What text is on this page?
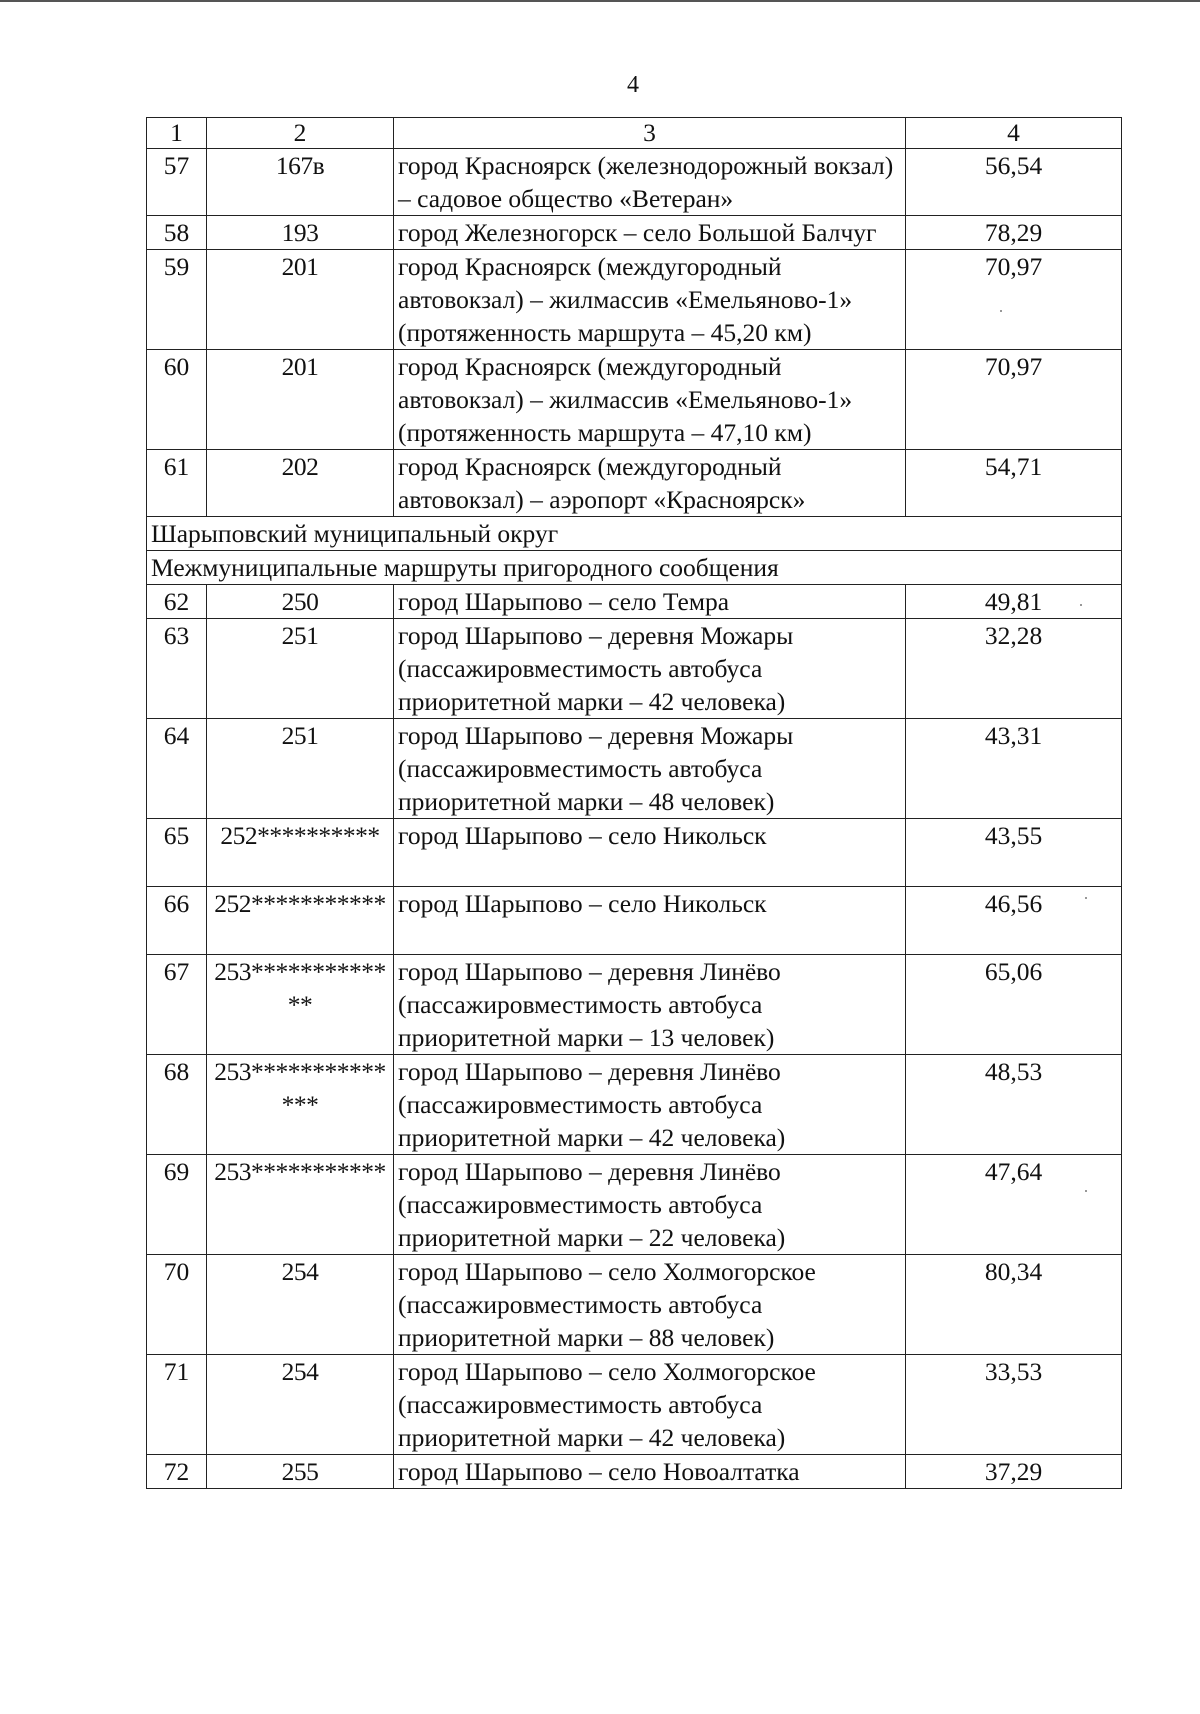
4
1	2	3	4
57	167в	город Красноярск (железнодорожный вокзал) – садовое общество «Ветеран»	56,54
58	193	город Железногорск – село Большой Балчуг	78,29
59	201	город Красноярск (междугородный автовокзал) – жилмассив «Емельяново-1» (протяженность маршрута – 45,20 км)	70,97
60	201	город Красноярск (междугородный автовокзал) – жилмассив «Емельяново-1» (протяженность маршрута – 47,10 км)	70,97
61	202	город Красноярск (междугородный автовокзал) – аэропорт «Красноярск»	54,71
Шарыповский муниципальный округ			
Межмуниципальные маршруты пригородного сообщения			
62	250	город Шарыпово – село Темра	49,81
63	251	город Шарыпово – деревня Можары (пассажировместимость автобуса приоритетной марки – 42 человека)	32,28
64	251	город Шарыпово – деревня Можары (пассажировместимость автобуса приоритетной марки – 48 человек)	43,31
65	252**********	город Шарыпово – село Никольск	43,55
66	252***********	город Шарыпово – село Никольск	46,56
67	253*************	город Шарыпово – деревня Линёво (пассажировместимость автобуса приоритетной марки – 13 человек)	65,06
68	253**************	город Шарыпово – деревня Линёво (пассажировместимость автобуса приоритетной марки – 42 человека)	48,53
69	253***********	город Шарыпово – деревня Линёво (пассажировместимость автобуса приоритетной марки – 22 человека)	47,64
70	254	город Шарыпово – село Холмогорское (пассажировместимость автобуса приоритетной марки – 88 человек)	80,34
71	254	город Шарыпово – село Холмогорское (пассажировместимость автобуса приоритетной марки – 42 человека)	33,53
72	255	город Шарыпово – село Новоалтатка	37,29
